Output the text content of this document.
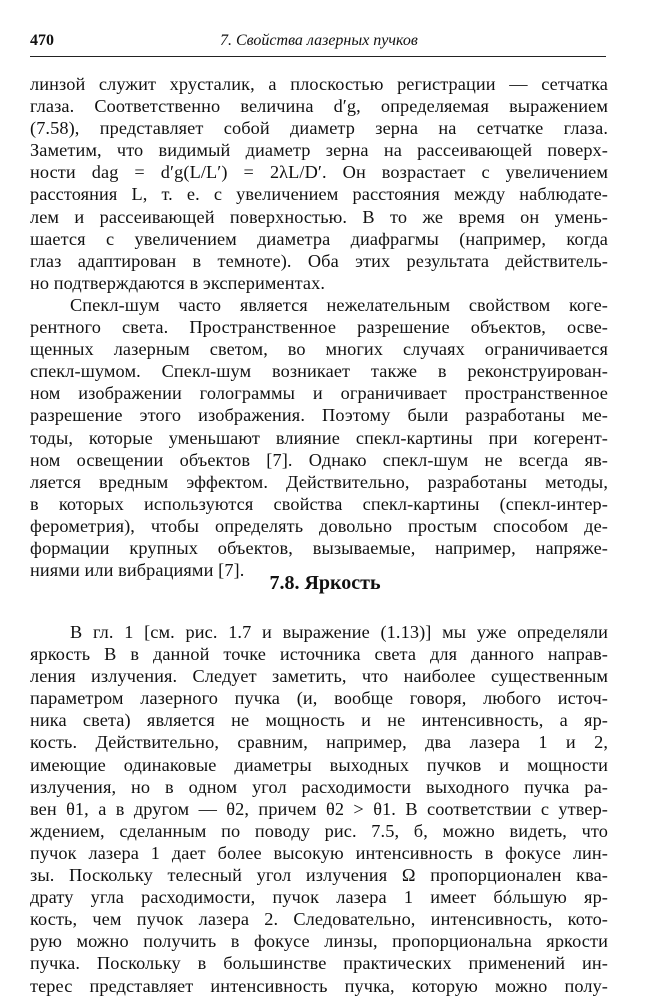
470	7. Свойства лазерных пучков
линзой служит хрусталик, а плоскостью регистрации — сетчатка
глаза. Соответственно величина d′g, определяемая выражением
(7.58), представляет собой диаметр зерна на сетчатке глаза.
Заметим, что видимый диаметр зерна на рассеивающей поверх-
ности dag = d′g(L/L′) = 2λL/D′. Он возрастает с увеличением
расстояния L, т. е. с увеличением расстояния между наблюдате-
лем и рассеивающей поверхностью. В то же время он умень-
шается с увеличением диаметра диафрагмы (например, когда
глаз адаптирован в темноте). Оба этих результата действитель-
но подтверждаются в экспериментах.
Спекл-шум часто является нежелательным свойством коге-
рентного света. Пространственное разрешение объектов, осве-
щенных лазерным светом, во многих случаях ограничивается
спекл-шумом. Спекл-шум возникает также в реконструирован-
ном изображении голограммы и ограничивает пространственное
разрешение этого изображения. Поэтому были разработаны ме-
тоды, которые уменьшают влияние спекл-картины при когерент-
ном освещении объектов [7]. Однако спекл-шум не всегда яв-
ляется вредным эффектом. Действительно, разработаны методы,
в которых используются свойства спекл-картины (спекл-интер-
ферометрия), чтобы определять довольно простым способом де-
формации крупных объектов, вызываемые, например, напряже-
ниями или вибрациями [7].
7.8. Яркость
В гл. 1 [см. рис. 1.7 и выражение (1.13)] мы уже определяли
яркость B в данной точке источника света для данного направ-
ления излучения. Следует заметить, что наиболее существенным
параметром лазерного пучка (и, вообще говоря, любого источ-
ника света) является не мощность и не интенсивность, а яр-
кость. Действительно, сравним, например, два лазера 1 и 2,
имеющие одинаковые диаметры выходных пучков и мощности
излучения, но в одном угол расходимости выходного пучка ра-
вен θ1, а в другом — θ2, причем θ2 > θ1. В соответствии с утвер-
ждением, сделанным по поводу рис. 7.5, б, можно видеть, что
пучок лазера 1 дает более высокую интенсивность в фокусе лин-
зы. Поскольку телесный угол излучения Ω пропорционален ква-
драту угла расходимости, пучок лазера 1 имеет бóльшую яр-
кость, чем пучок лазера 2. Следовательно, интенсивность, кото-
рую можно получить в фокусе линзы, пропорциональна яркости
пучка. Поскольку в большинстве практических применений ин-
терес представляет интенсивность пучка, которую можно полу-
